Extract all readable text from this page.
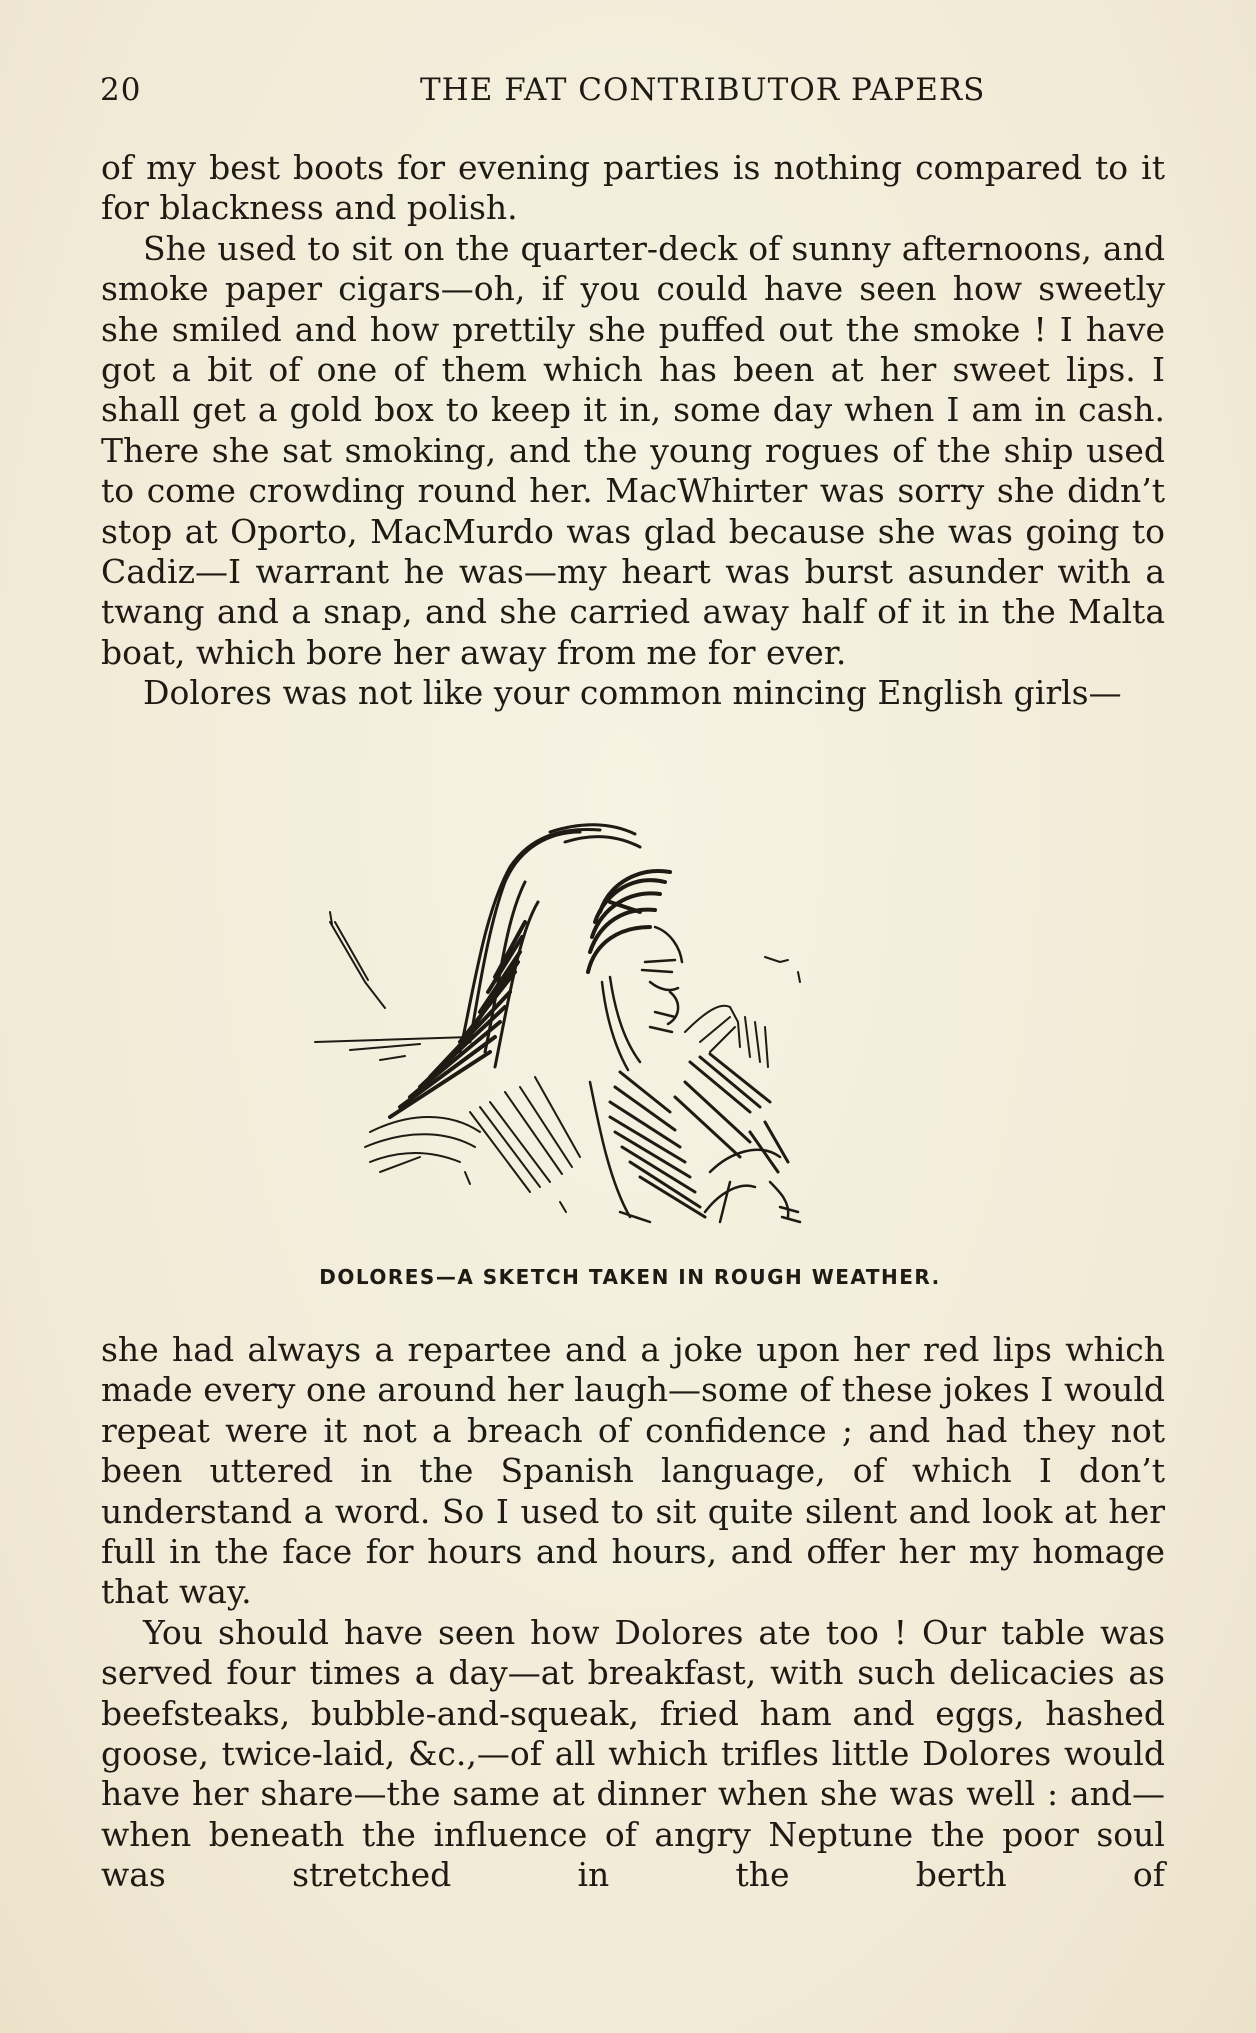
20	THE FAT CONTRIBUTOR PAPERS

of my best boots for evening parties is nothing compared to it for blackness and polish.

She used to sit on the quarter-deck of sunny afternoons, and smoke paper cigars—oh, if you could have seen how sweetly she smiled and how prettily she puffed out the smoke ! I have got a bit of one of them which has been at her sweet lips. I shall get a gold box to keep it in, some day when I am in cash. There she sat smoking, and the young rogues of the ship used to come crowding round her. MacWhirter was sorry she didn’t stop at Oporto, MacMurdo was glad because she was going to Cadiz—I warrant he was—my heart was burst asunder with a twang and a snap, and she carried away half of it in the Malta boat, which bore her away from me for ever.

Dolores was not like your common mincing English girls—

DOLORES—A SKETCH TAKEN IN ROUGH WEATHER.

she had always a repartee and a joke upon her red lips which made every one around her laugh—some of these jokes I would repeat were it not a breach of confidence ; and had they not been uttered in the Spanish language, of which I don’t understand a word. So I used to sit quite silent and look at her full in the face for hours and hours, and offer her my homage that way.

You should have seen how Dolores ate too ! Our table was served four times a day—at breakfast, with such delicacies as beefsteaks, bubble-and-squeak, fried ham and eggs, hashed goose, twice-laid, &c.,—of all which trifles little Dolores would have her share—the same at dinner when she was well : and—when beneath the influence of angry Neptune the poor soul was stretched in the berth of
